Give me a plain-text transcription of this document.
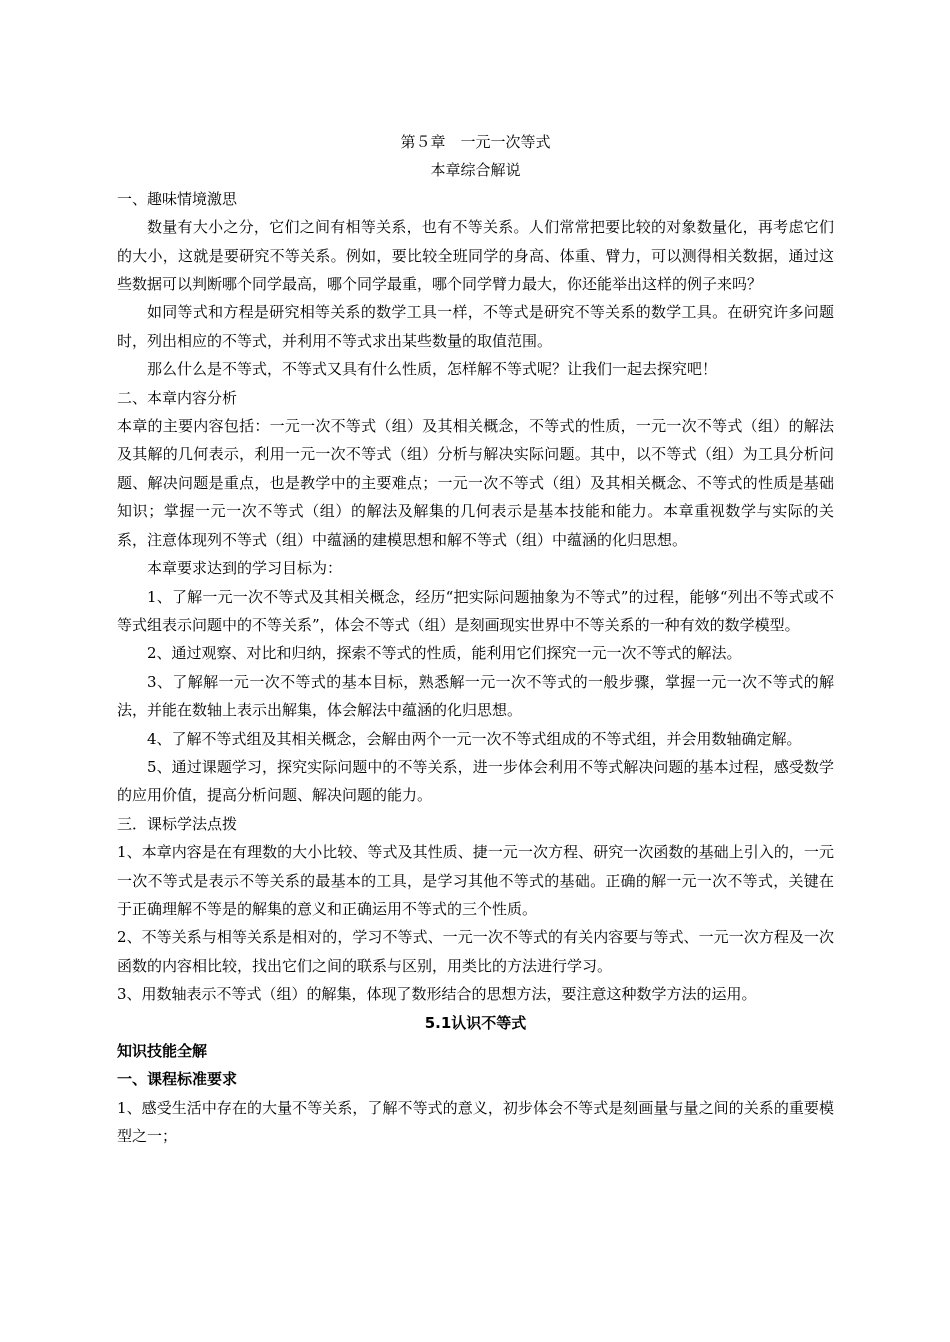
第５章　一元一次等式
本章综合解说
一、趣味情境激思

数量有大小之分，它们之间有相等关系，也有不等关系。人们常常把要比较的对象数量化，再考虑它们的大小，这就是要研究不等关系。例如，要比较全班同学的身高、体重、臂力，可以测得相关数据，通过这些数据可以判断哪个同学最高，哪个同学最重，哪个同学臂力最大，你还能举出这样的例子来吗？

如同等式和方程是研究相等关系的数学工具一样，不等式是研究不等关系的数学工具。在研究许多问题时，列出相应的不等式，并利用不等式求出某些数量的取值范围。

那么什么是不等式，不等式又具有什么性质，怎样解不等式呢？让我们一起去探究吧！

二、本章内容分析

本章的主要内容包括：一元一次不等式（组）及其相关概念，不等式的性质，一元一次不等式（组）的解法及其解的几何表示，利用一元一次不等式（组）分析与解决实际问题。其中，以不等式（组）为工具分析问题、解决问题是重点，也是教学中的主要难点；一元一次不等式（组）及其相关概念、不等式的性质是基础知识；掌握一元一次不等式（组）的解法及解集的几何表示是基本技能和能力。本章重视数学与实际的关系，注意体现列不等式（组）中蕴涵的建模思想和解不等式（组）中蕴涵的化归思想。

本章要求达到的学习目标为：

1、了解一元一次不等式及其相关概念，经历“把实际问题抽象为不等式”的过程，能够“列出不等式或不等式组表示问题中的不等关系”，体会不等式（组）是刻画现实世界中不等关系的一种有效的数学模型。

2、通过观察、对比和归纳，探索不等式的性质，能利用它们探究一元一次不等式的解法。

3、了解解一元一次不等式的基本目标，熟悉解一元一次不等式的一般步骤，掌握一元一次不等式的解法，并能在数轴上表示出解集，体会解法中蕴涵的化归思想。

4、了解不等式组及其相关概念，会解由两个一元一次不等式组成的不等式组，并会用数轴确定解。

5、通过课题学习，探究实际问题中的不等关系，进一步体会利用不等式解决问题的基本过程，感受数学的应用价值，提高分析问题、解决问题的能力。

三．课标学法点拨

1、本章内容是在有理数的大小比较、等式及其性质、捷一元一次方程、研究一次函数的基础上引入的，一元一次不等式是表示不等关系的最基本的工具，是学习其他不等式的基础。正确的解一元一次不等式，关键在于正确理解不等是的解集的意义和正确运用不等式的三个性质。

2、不等关系与相等关系是相对的，学习不等式、一元一次不等式的有关内容要与等式、一元一次方程及一次函数的内容相比较，找出它们之间的联系与区别，用类比的方法进行学习。

3、用数轴表示不等式（组）的解集，体现了数形结合的思想方法，要注意这种数学方法的运用。

5.1认识不等式
知识技能全解
一、课程标准要求

1、感受生活中存在的大量不等关系，了解不等式的意义，初步体会不等式是刻画量与量之间的关系的重要模型之一；
